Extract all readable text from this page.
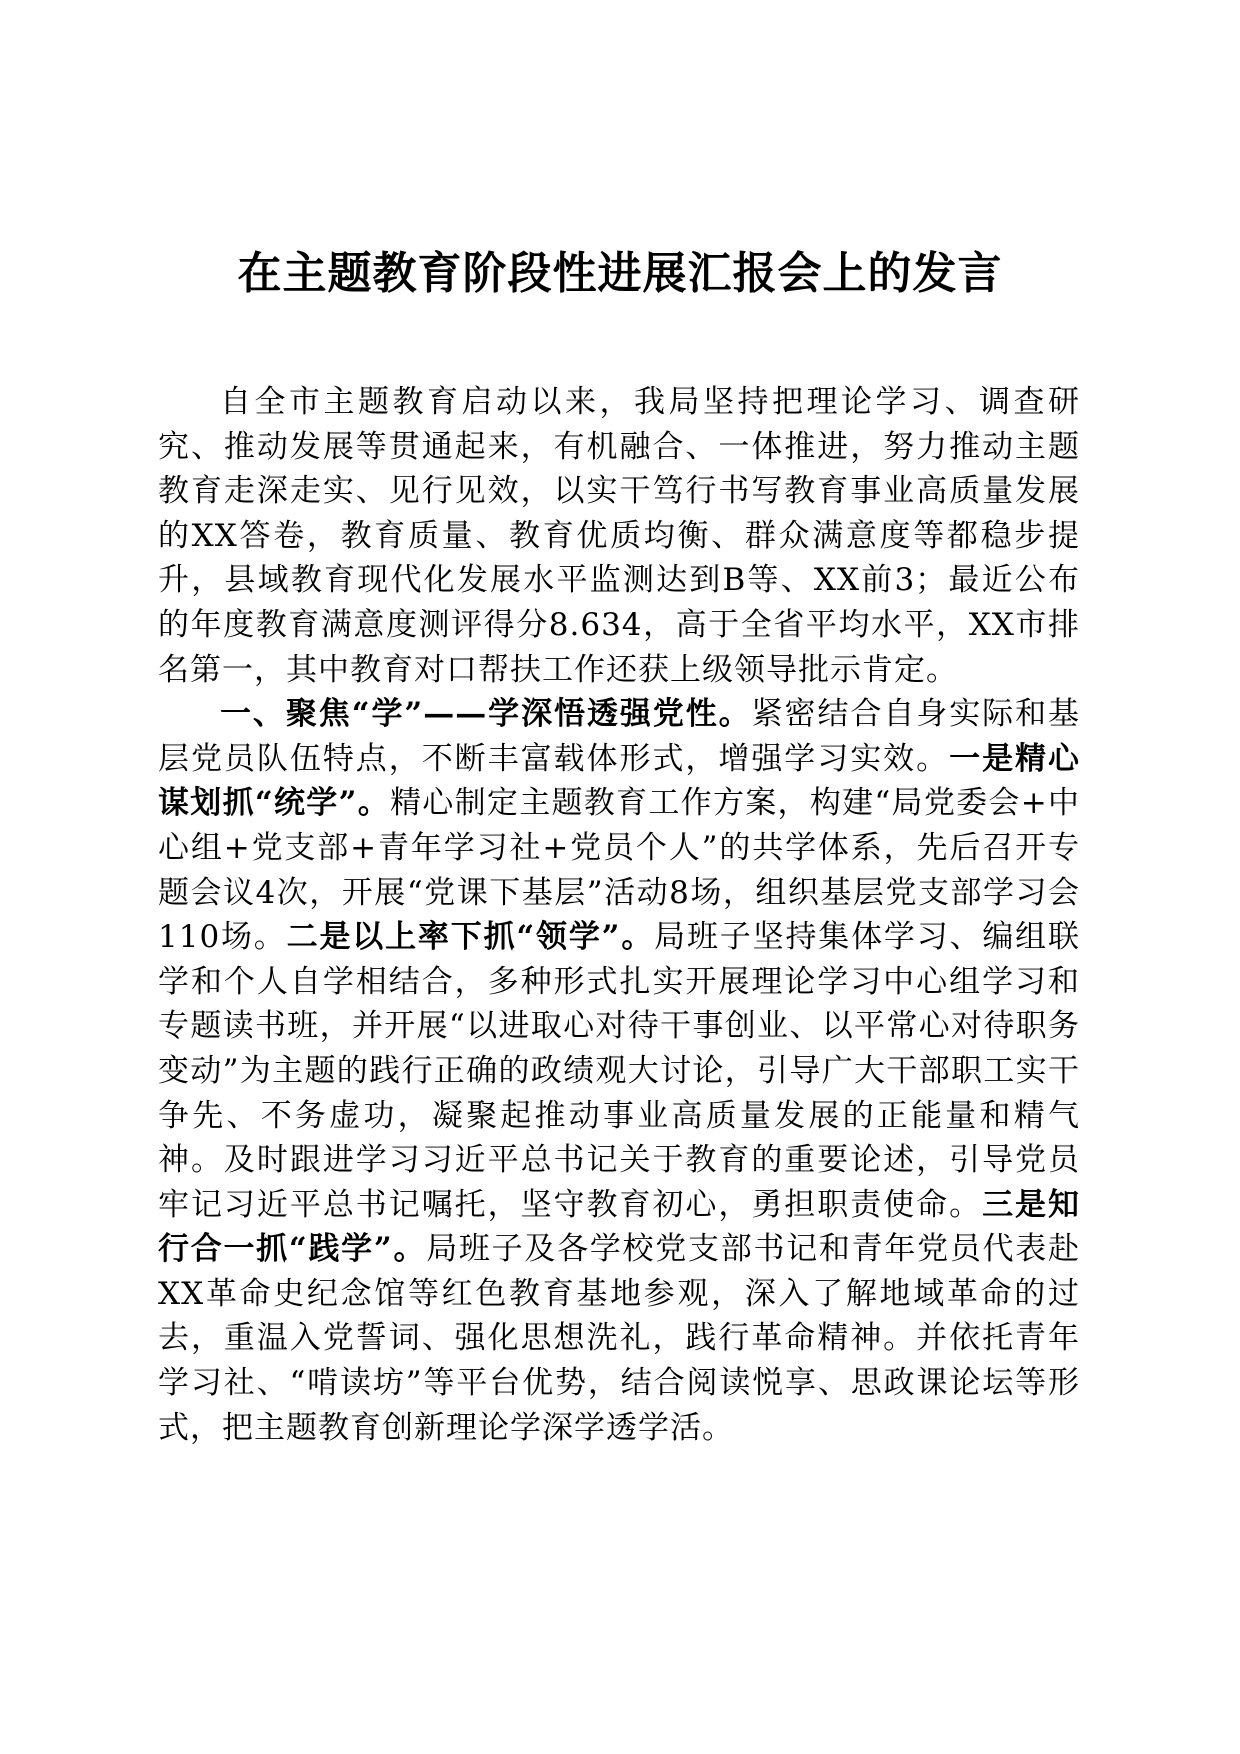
在主题教育阶段性进展汇报会上的发言

自全市主题教育启动以来，我局坚持把理论学习、调查研究、推动发展等贯通起来，有机融合、一体推进，努力推动主题教育走深走实、见行见效，以实干笃行书写教育事业高质量发展的XX答卷，教育质量、教育优质均衡、群众满意度等都稳步提升，县域教育现代化发展水平监测达到B等、XX前3；最近公布的年度教育满意度测评得分8.634，高于全省平均水平，XX市排名第一，其中教育对口帮扶工作还获上级领导批示肯定。

一、聚焦“学”——学深悟透强党性。紧密结合自身实际和基层党员队伍特点，不断丰富载体形式，增强学习实效。一是精心谋划抓“统学”。精心制定主题教育工作方案，构建“局党委会+中心组+党支部+青年学习社+党员个人”的共学体系，先后召开专题会议4次，开展“党课下基层”活动8场，组织基层党支部学习会110场。二是以上率下抓“领学”。局班子坚持集体学习、编组联学和个人自学相结合，多种形式扎实开展理论学习中心组学习和专题读书班，并开展“以进取心对待干事创业、以平常心对待职务变动”为主题的践行正确的政绩观大讨论，引导广大干部职工实干争先、不务虚功，凝聚起推动事业高质量发展的正能量和精气神。及时跟进学习习近平总书记关于教育的重要论述，引导党员牢记习近平总书记嘱托，坚守教育初心，勇担职责使命。三是知行合一抓“践学”。局班子及各学校党支部书记和青年党员代表赴XX革命史纪念馆等红色教育基地参观，深入了解地域革命的过去，重温入党誓词、强化思想洗礼，践行革命精神。并依托青年学习社、“啃读坊”等平台优势，结合阅读悦享、思政课论坛等形式，把主题教育创新理论学深学透学活。
